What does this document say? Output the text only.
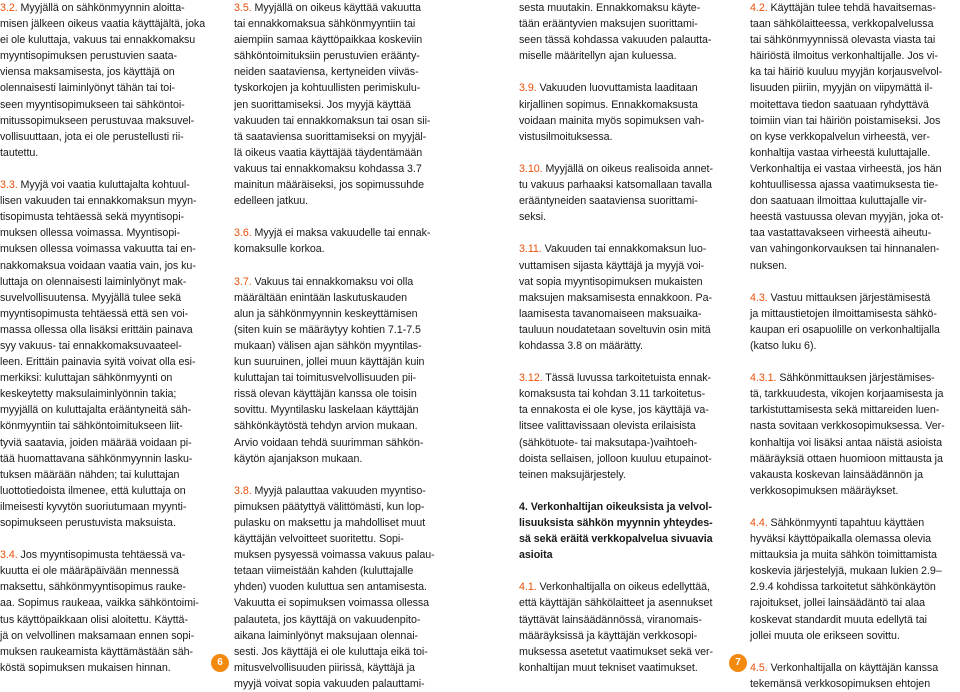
3.2. Myyjällä on sähkönmyynnin aloitta-
misen jälkeen oikeus vaatia käyttäjältä, joka
ei ole kuluttaja, vakuus tai ennakkomaksu
myyntisopimuksen perustuvien saata-
viensa maksamisesta, jos käyttäjä on
olennaisesti laiminlyönyt tähän tai toi-
seen myyntisopimukseen tai sähköntoi-
mitussopimukseen perustuvaa maksuvel-
vollisuuttaan, jota ei ole perustellusti rii-
tautettu.
3.3. Myyjä voi vaatia kuluttajalta kohtuul-
lisen vakuuden tai ennakkomaksun myyn-
tisopimusta tehtäessä sekä myyntisopi-
muksen ollessa voimassa. Myyntisopi-
muksen ollessa voimassa vakuutta tai en-
nakkomaksua voidaan vaatia vain, jos ku-
luttaja on olennaisesti laiminlyönyt mak-
suvelvollisuutensa. Myyjällä tulee sekä
myyntisopimusta tehtäessä että sen voi-
massa ollessa olla lisäksi erittäin painava
syy vakuus- tai ennakkomaksuvaateel-
leen. Erittäin painavia syitä voivat olla esi-
merkiksi: kuluttajan sähkönmyynti on
keskeytetty maksulaiminlyönnin takia;
myyjällä on kuluttajalta erääntyneitä säh-
könmyyntiin tai sähköntoimitukseen liit-
tyviä saatavia, joiden määrää voidaan pi-
tää huomattavana sähkönmyynnin lasku-
tuksen määrään nähden; tai kuluttajan
luottotiedoista ilmenee, että kuluttaja on
ilmeisesti kyvytön suoriutumaan myynti-
sopimukseen perustuvista maksuista.
3.4. Jos myyntisopimusta tehtäessä va-
kuutta ei ole määräpäivään mennessä
maksettu, sähkönmyyntisopimus rauke-
aa. Sopimus raukeaa, vaikka sähköntoimi-
tus käyttöpaikkaan olisi aloitettu. Käyttä-
jä on velvollinen maksamaan ennen sopi-
muksen raukeamista käyttämästään säh-
köstä sopimuksen mukaisen hinnan.
3.5. Myyjällä on oikeus käyttää vakuutta
tai ennakkomaksua sähkönmyyntiin tai
aiempiin samaa käyttöpaikkaa koskeviin
sähköntoimituksiin perustuvien eräänty-
neiden saataviensa, kertyneiden viiväs-
tyskorkojen ja kohtuullisten perimiskulu-
jen suorittamiseksi. Jos myyjä käyttää
vakuuden tai ennakkomaksun tai osan sii-
tä saataviensa suorittamiseksi on myyjäl-
lä oikeus vaatia käyttäjää täydentämään
vakuus tai ennakkomaksu kohdassa 3.7
mainitun määräiseksi, jos sopimussuhde
edelleen jatkuu.
3.6. Myyjä ei maksa vakuudelle tai ennak-
komaksulle korkoa.
3.7. Vakuus tai ennakkomaksu voi olla
määrältään enintään laskutuskauden
alun ja sähkönmyynnin keskeyttämisen
(siten kuin se määräytyy kohtien 7.1-7.5
mukaan) välisen ajan sähkön myyntilas-
kun suuruinen, jollei muun käyttäjän kuin
kuluttajan tai toimitusvelvollisuuden pii-
rissä olevan käyttäjän kanssa ole toisin
sovittu. Myyntilasku laskelaan käyttäjän
sähkönkäytöstä tehdyn arvion mukaan.
Arvio voidaan tehdä suurimman sähkön-
käytön ajanjakson mukaan.
3.8. Myyjä palauttaa vakuuden myyntiso-
pimuksen päätyttyä välittömästi, kun lop-
pulasku on maksettu ja mahdolliset muut
käyttäjän velvoitteet suoritettu. Sopi-
muksen pysyessä voimassa vakuus palau-
tetaan viimeistään kahden (kuluttajalle
yhden) vuoden kuluttua sen antamisesta.
Vakuutta ei sopimuksen voimassa ollessa
palauteta, jos käyttäjä on vakuudenpito-
aikana laiminlyönyt maksujaan olennai-
sesti. Jos käyttäjä ei ole kuluttaja eikä toi-
mitusvelvollisuuden piirissä, käyttäjä ja
myyjä voivat sopia vakuuden palauttami-
sesta muutakin. Ennakkomaksu käyte-
tään erääntyvien maksujen suorittami-
seen tässä kohdassa vakuuden palautta-
miselle määritellyn ajan kuluessa.
3.9. Vakuuden luovuttamista laaditaan
kirjallinen sopimus. Ennakkomaksusta
voidaan mainita myös sopimuksen vah-
vistusilmoituksessa.
3.10. Myyjällä on oikeus realisoida annet-
tu vakuus parhaaksi katsomallaan tavalla
erääntyneiden saataviensa suorittami-
seksi.
3.11. Vakuuden tai ennakkomaksun luo-
vuttamisen sijasta käyttäjä ja myyjä voi-
vat sopia myyntisopimuksen mukaisten
maksujen maksamisesta ennakkoon. Pa-
laamisesta tavanomaiseen maksuaika-
tauluun noudatetaan soveltuvin osin mitä
kohdassa 3.8 on määrätty.
3.12. Tässä luvussa tarkoitetuista ennak-
komaksusta tai kohdan 3.11 tarkoitetus-
ta ennakosta ei ole kyse, jos käyttäjä va-
litsee valittavissaan olevista erilaisista
(sähkötuote- tai maksutapa-)vaihtoeh-
doista sellaisen, jolloon kuuluu etupainot-
teinen maksujärjestely.
4. Verkonhaltijan oikeuksista ja velvol-
lisuuksista sähkön myynnin yhteydes-
sä sekä eräitä verkkopalvelua sivuavia
asioita
4.1. Verkonhaltijalla on oikeus edellyttää,
että käyttäjän sähkölaitteet ja asennukset
täyttävät lainsäädännössä, viranomais-
määräyksissä ja käyttäjän verkkosopi-
muksessa asetetut vaatimukset sekä ver-
konhaltijan muut tekniset vaatimukset.
4.2. Käyttäjän tulee tehdä havaitsemas-
taan sähkölaitteessa, verkkopalvelussa
tai sähkönmyynnissä olevasta viasta tai
häiriöstä ilmoitus verkonhaltijalle. Jos vi-
ka tai häiriö kuuluu myyjän korjausvelvol-
lisuuden piiriin, myyjän on viipymättä il-
moitettava tiedon saatuaan ryhdyttävä
toimiin vian tai häiriön poistamiseksi. Jos
on kyse verkkopalvelun virheestä, ver-
konhaltija vastaa virheestä kuluttajalle.
Verkonhaltija ei vastaa virheestä, jos hän
kohtuullisessa ajassa vaatimuksesta tie-
don saatuaan ilmoittaa kuluttajalle vir-
heestä vastuussa olevan myyjän, joka ot-
taa vastattavakseen virheestä aiheutu-
van vahingonkorvauksen tai hinnanalen-
nuksen.
4.3. Vastuu mittauksen järjestämisestä
ja mittaustietojen ilmoittamisesta sähkö-
kaupan eri osapuolille on verkonhaltijalla
(katso luku 6).
4.3.1. Sähkönmittauksen järjestämises-
tä, tarkkuudesta, vikojen korjaamisesta ja
tarkistuttamisesta sekä mittareiden luen-
nasta sovitaan verkkosopimuksessa. Ver-
konhaltija voi lisäksi antaa näistä asioista
määräyksiä ottaen huomioon mittausta ja
vakausta koskevan lainsäädännön ja
verkkosopimuksen määräykset.
4.4. Sähkönmyynti tapahtuu käyttäen
hyväksi käyttöpaikalla olemassa olevia
mittauksia ja muita sähkön toimittamista
koskevia järjestelyjä, mukaan lukien 2.9–
2.9.4 kohdissa tarkoitetut sähkönkäytön
rajoitukset, jollei lainsäädäntö tai alaa
koskevat standardit muuta edellytä tai
jollei muuta ole erikseen sovittu.
4.5. Verkonhaltijalla on käyttäjän kanssa
tekemänsä verkkosopimuksen ehtojen
6	7
